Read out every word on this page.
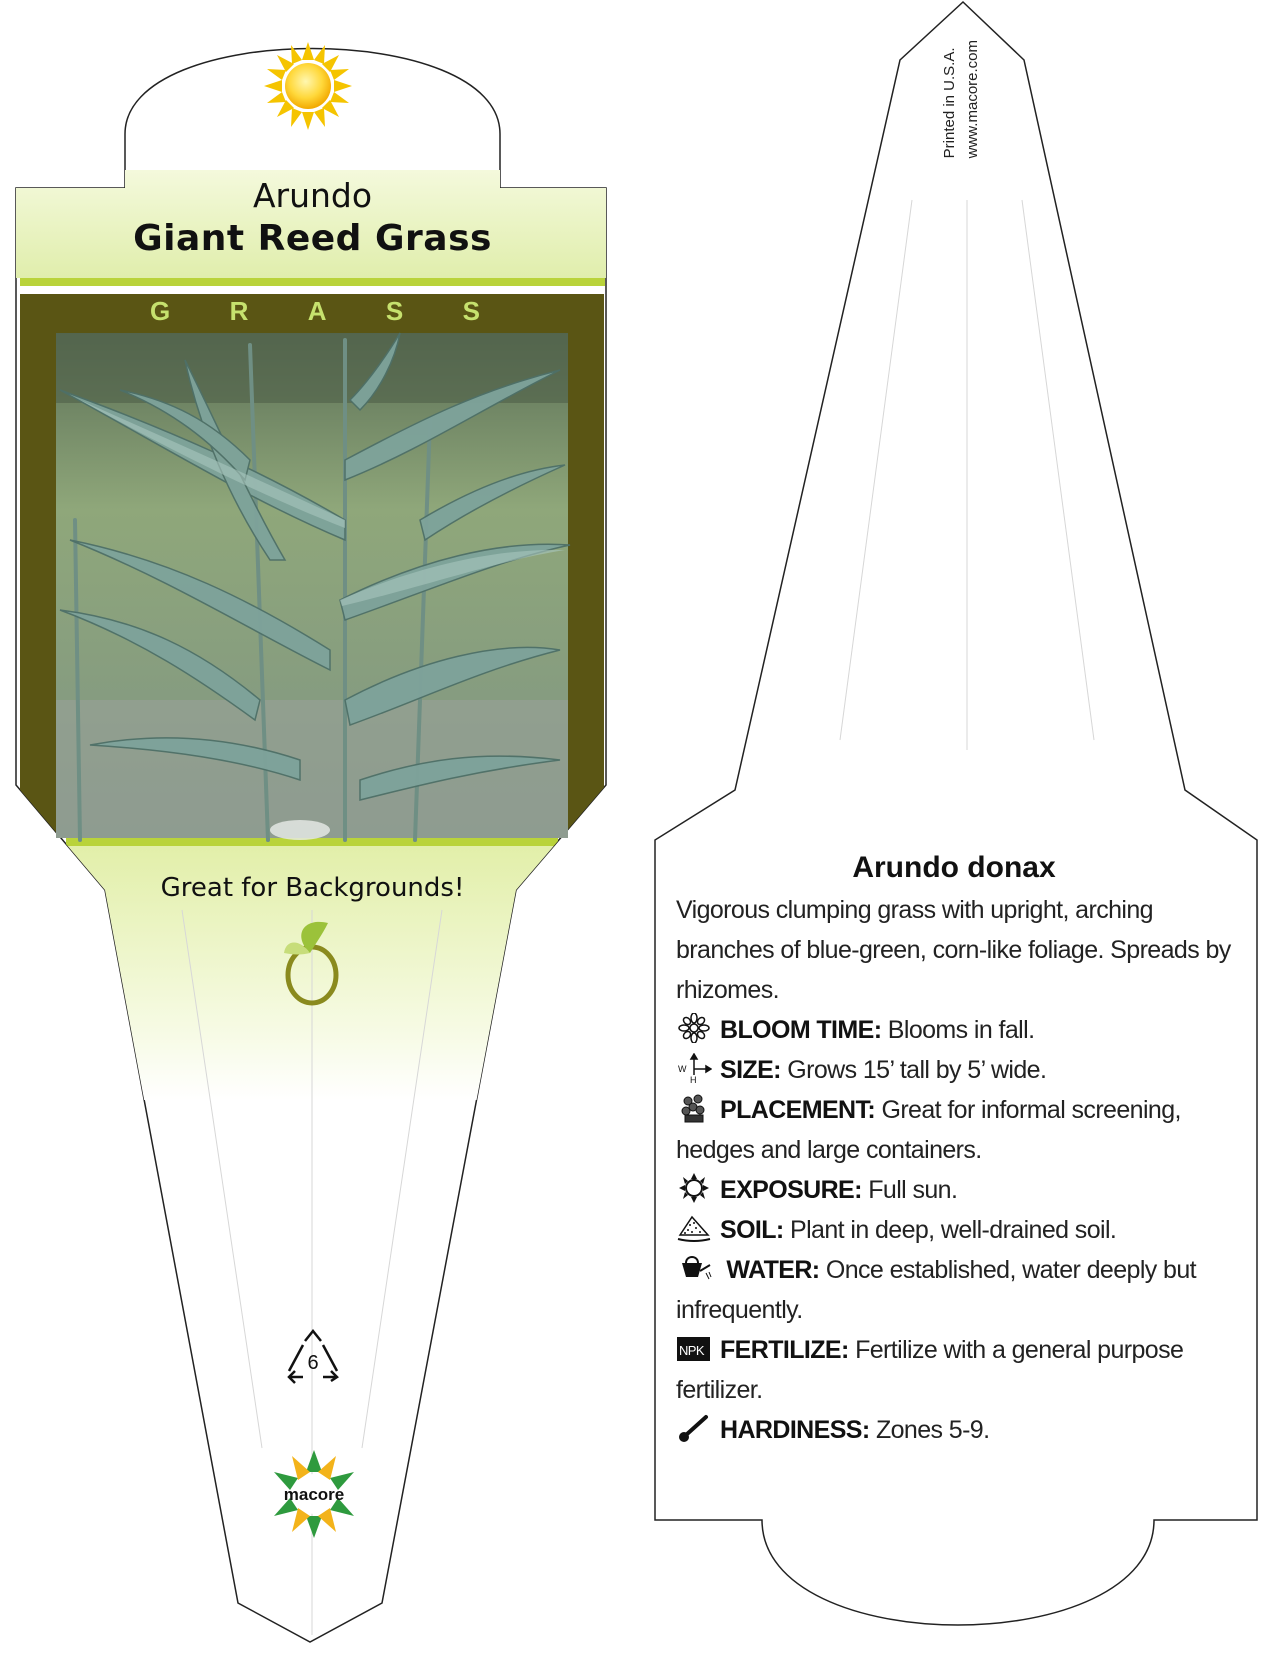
Arundo
Giant Reed Grass
G R A S S
Great for Backgrounds!
6
macore
Printed in U.S.A. www.macore.com
Arundo donax
Vigorous clumping grass with upright, arching branches of blue-green, corn-like foliage. Spreads by rhizomes.
BLOOM TIME: Blooms in fall.
W
H SIZE: Grows 15’ tall by 5’ wide.
PLACEMENT: Great for informal screening, hedges and large containers.
EXPOSURE: Full sun.
SOIL: Plant in deep, well-drained soil.
WATER: Once established, water deeply but infrequently.
NPK FERTILIZE: Fertilize with a general purpose fertilizer.
HARDINESS: Zones 5-9.
